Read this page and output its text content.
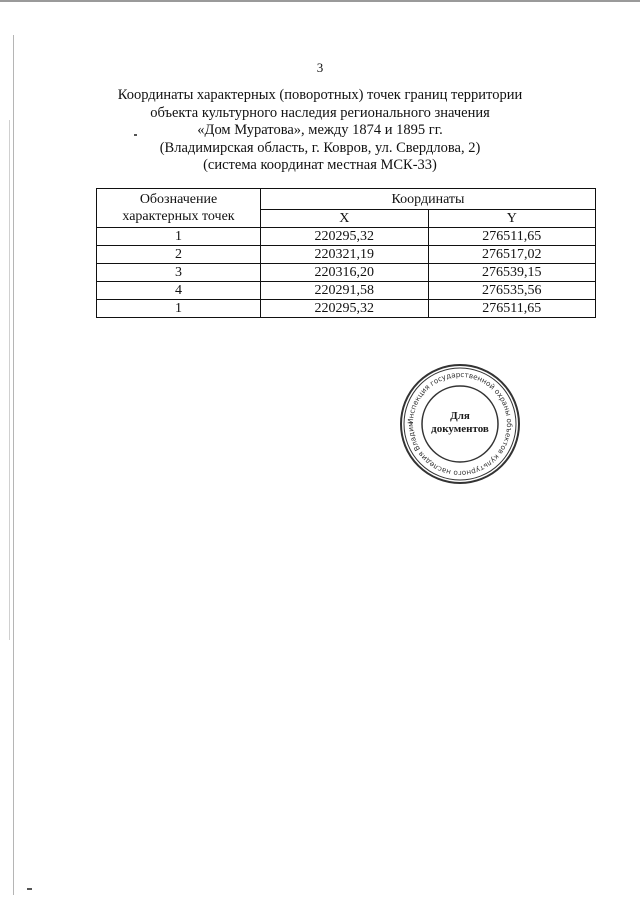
3
Координаты характерных (поворотных) точек границ территории
объекта культурного наследия регионального значения
«Дом Муратова», между 1874 и 1895 гг.
(Владимирская область, г. Ковров, ул. Свердлова, 2)
(система координат местная МСК-33)
Обозначение
характерных точек	Координаты	
	X	Y
1	220295,32	276511,65
2	220321,19	276517,02
3	220316,20	276539,15
4	220291,58	276535,56
1	220295,32	276511,65
Инспекция государственной охраны объектов культурного наследия Владим
Для
документов
